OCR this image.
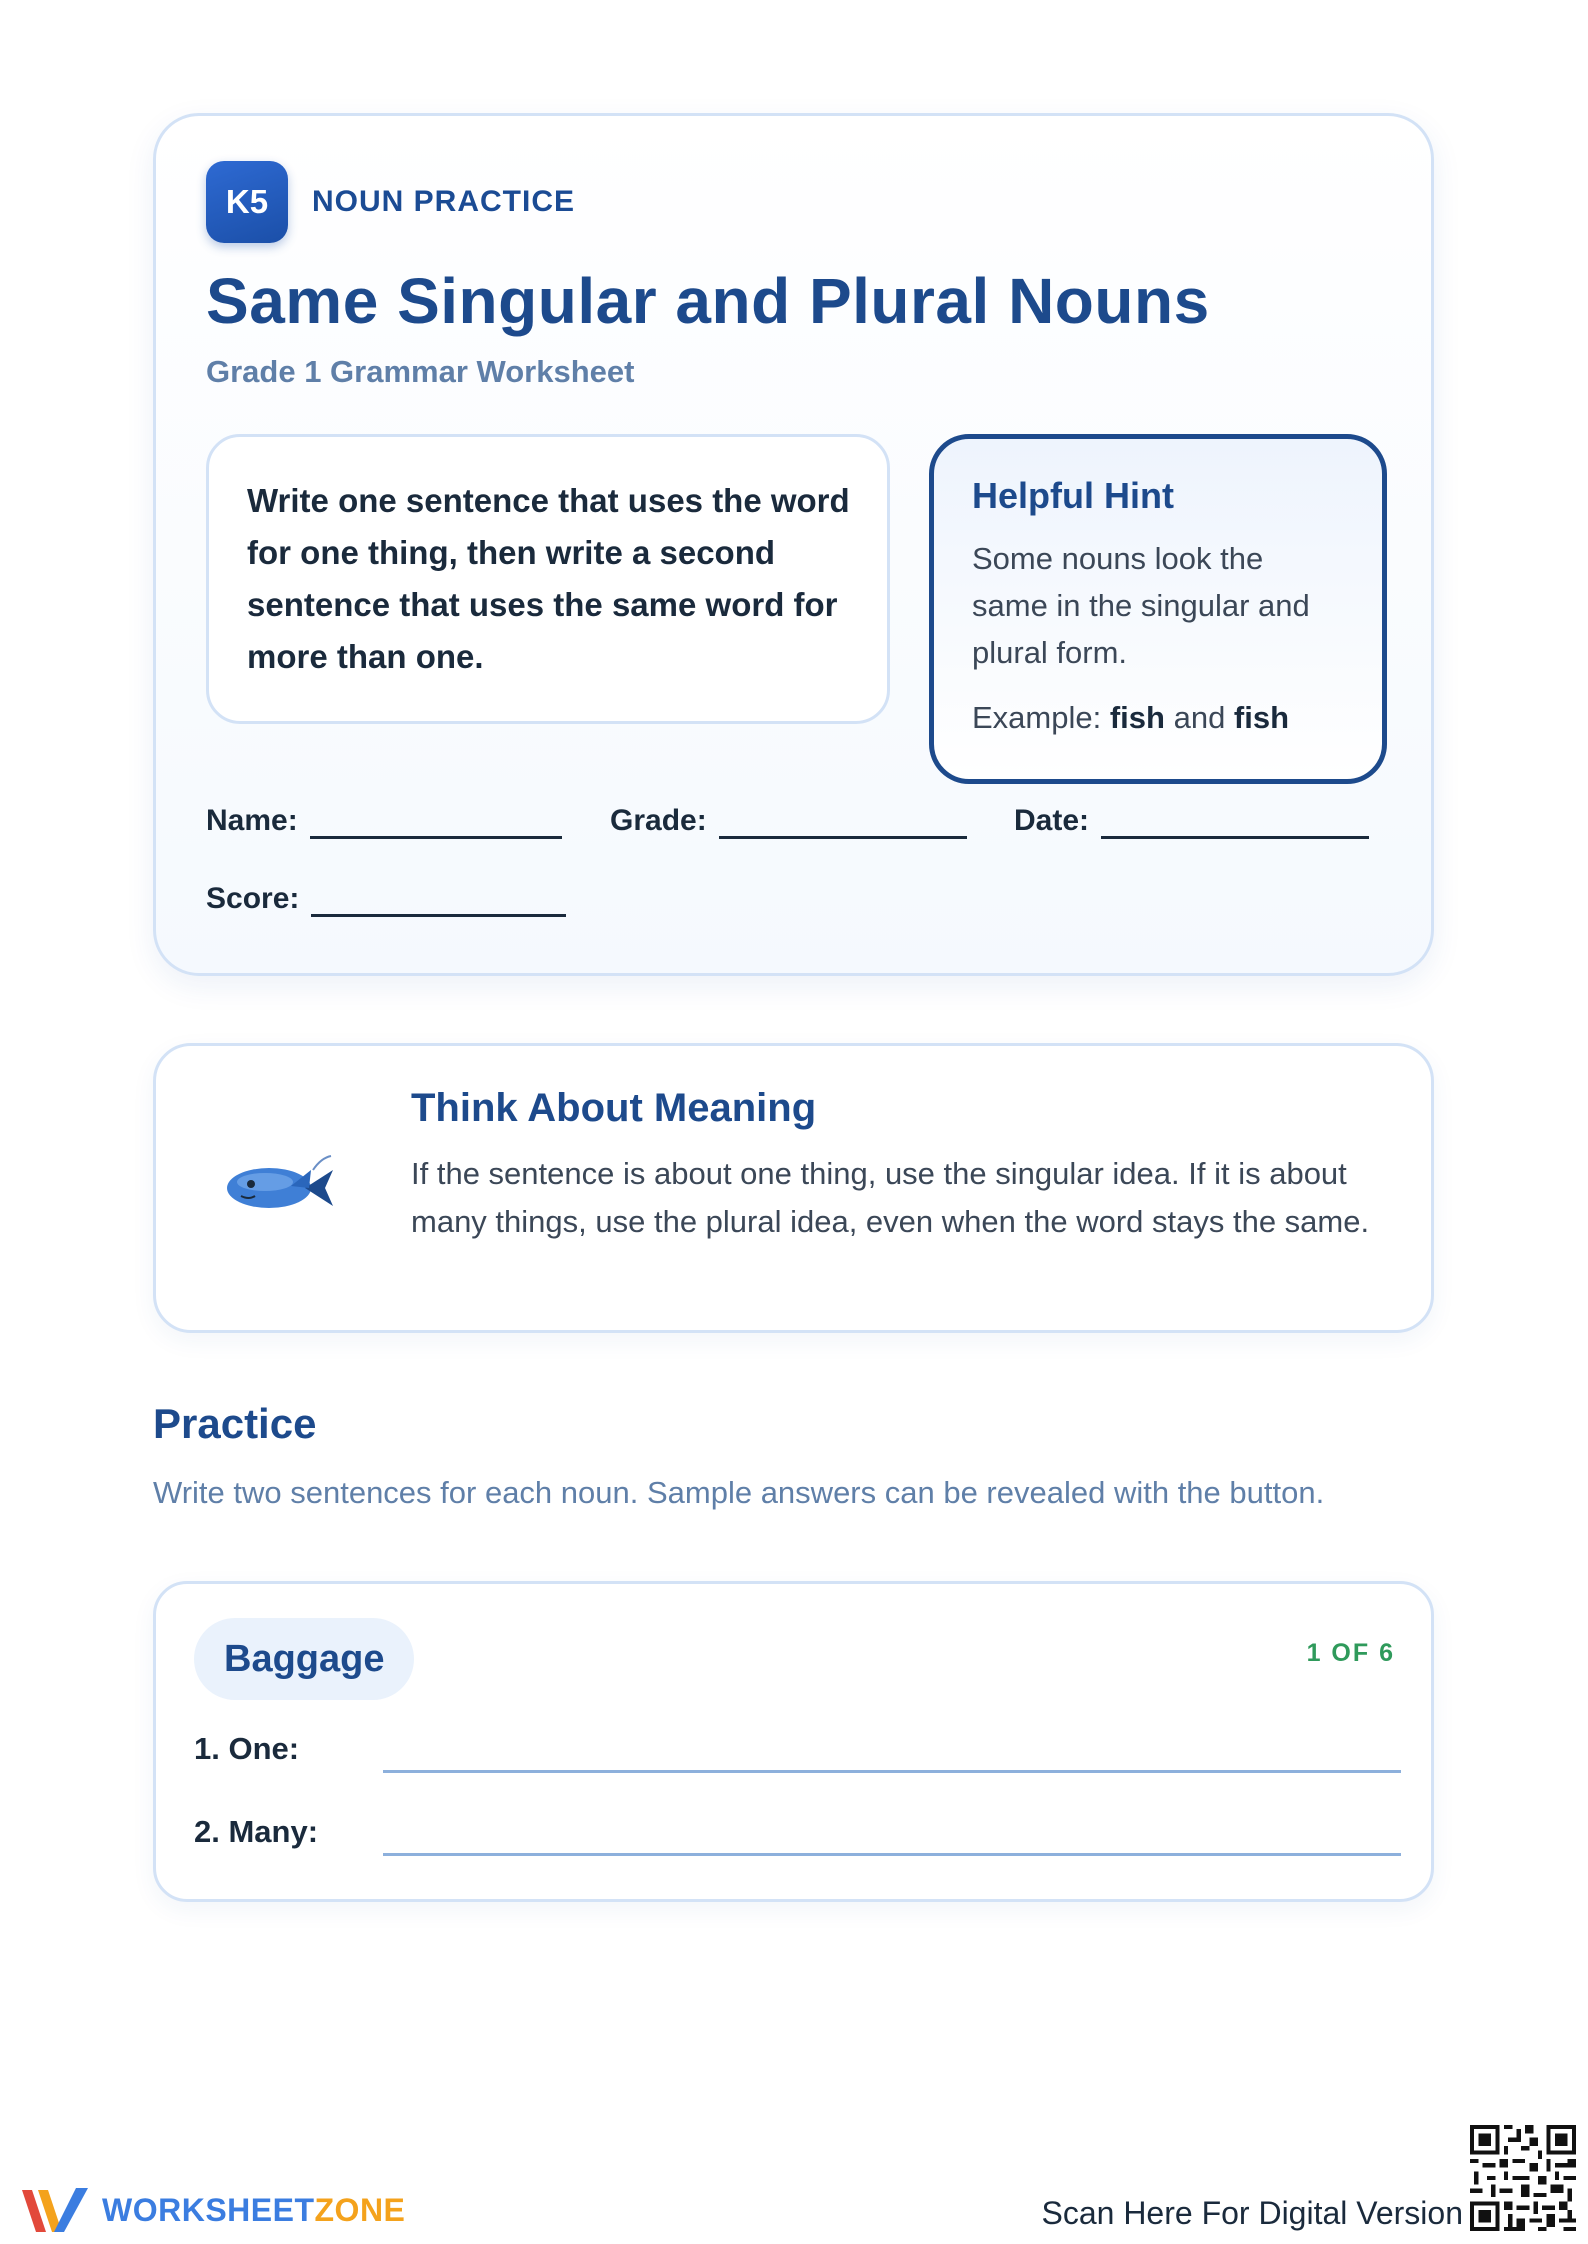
K5	NOUN PRACTICE
Same Singular and Plural Nouns
Grade 1 Grammar Worksheet

Write one sentence that uses the word for one thing, then write a second sentence that uses the same word for more than one.

Helpful Hint

Some nouns look the same in the singular and plural form.

Example: fish and fish

Name:	Grade:	Date:
Score:
Think About Meaning

If the sentence is about one thing, use the singular idea. If it is about many things, use the plural idea, even when the word stays the same.

Practice
Write two sentences for each noun. Sample answers can be revealed with the button.
Baggage	1 OF 6
1. One:
2. Many:
WORKSHEETZONE	Scan Here For Digital Version
